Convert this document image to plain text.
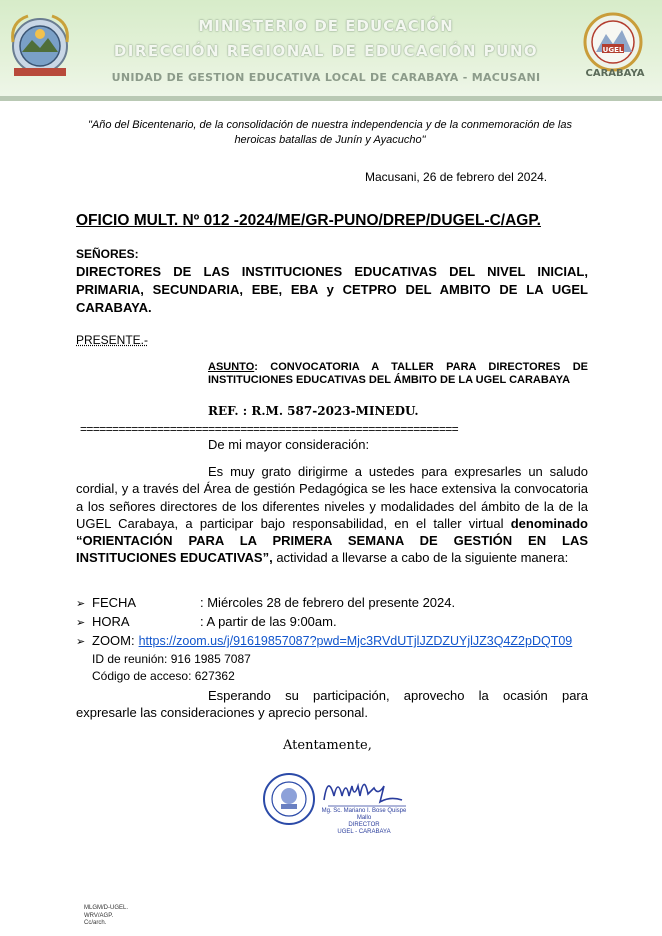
UGEL
CARABAYA
MINISTERIO DE EDUCACIÓN
DIRECCIÓN REGIONAL DE EDUCACIÓN PUNO
UNIDAD DE GESTION EDUCATIVA LOCAL DE CARABAYA - MACUSANI
"Año del Bicentenario, de la consolidación de nuestra independencia y de la conmemoración de las heroicas batallas de Junín y Ayacucho"
Macusani, 26 de febrero del 2024.
OFICIO MULT. Nº 012 -2024/ME/GR-PUNO/DREP/DUGEL-C/AGP.
SEÑORES:
DIRECTORES DE LAS INSTITUCIONES EDUCATIVAS DEL NIVEL INICIAL, PRIMARIA, SECUNDARIA, EBE, EBA y CETPRO DEL AMBITO DE LA UGEL CARABAYA.
PRESENTE.-
ASUNTO: CONVOCATORIA A TALLER PARA DIRECTORES DE INSTITUCIONES EDUCATIVAS DEL ÁMBITO DE LA UGEL CARABAYA
REF. : R.M. 587-2023-MINEDU.
===========================================================
De mi mayor consideración:
Es muy grato dirigirme a ustedes para expresarles un saludo cordial, y a través del Área de gestión Pedagógica se les hace extensiva la convocatoria a los señores directores de los diferentes niveles y modalidades del ámbito de la de la UGEL Carabaya, a participar bajo responsabilidad, en el taller virtual denominado “ORIENTACIÓN PARA LA PRIMERA SEMANA DE GESTIÓN EN LAS INSTITUCIONES EDUCATIVAS”, actividad a llevarse a cabo de la siguiente manera:
➢ FECHA	: Miércoles 28 de febrero del presente 2024.
➢ HORA	: A partir de las 9:00am.
➢ ZOOM: https://zoom.us/j/91619857087?pwd=Mjc3RVdUTjlJZDZUYjlJZ3Q4Z2pDQT09
ID de reunión: 916 1985 7087
Código de acceso: 627362
Esperando su participación, aprovecho la ocasión para expresarle las consideraciones y aprecio personal.
Atentamente,
Mg. Sc. Mariano I. Bose Quispe Mallo
DIRECTOR
UGEL - CARABAYA
MLGM/D-UGEL.
WRV/AGP.
Cc/arch.
